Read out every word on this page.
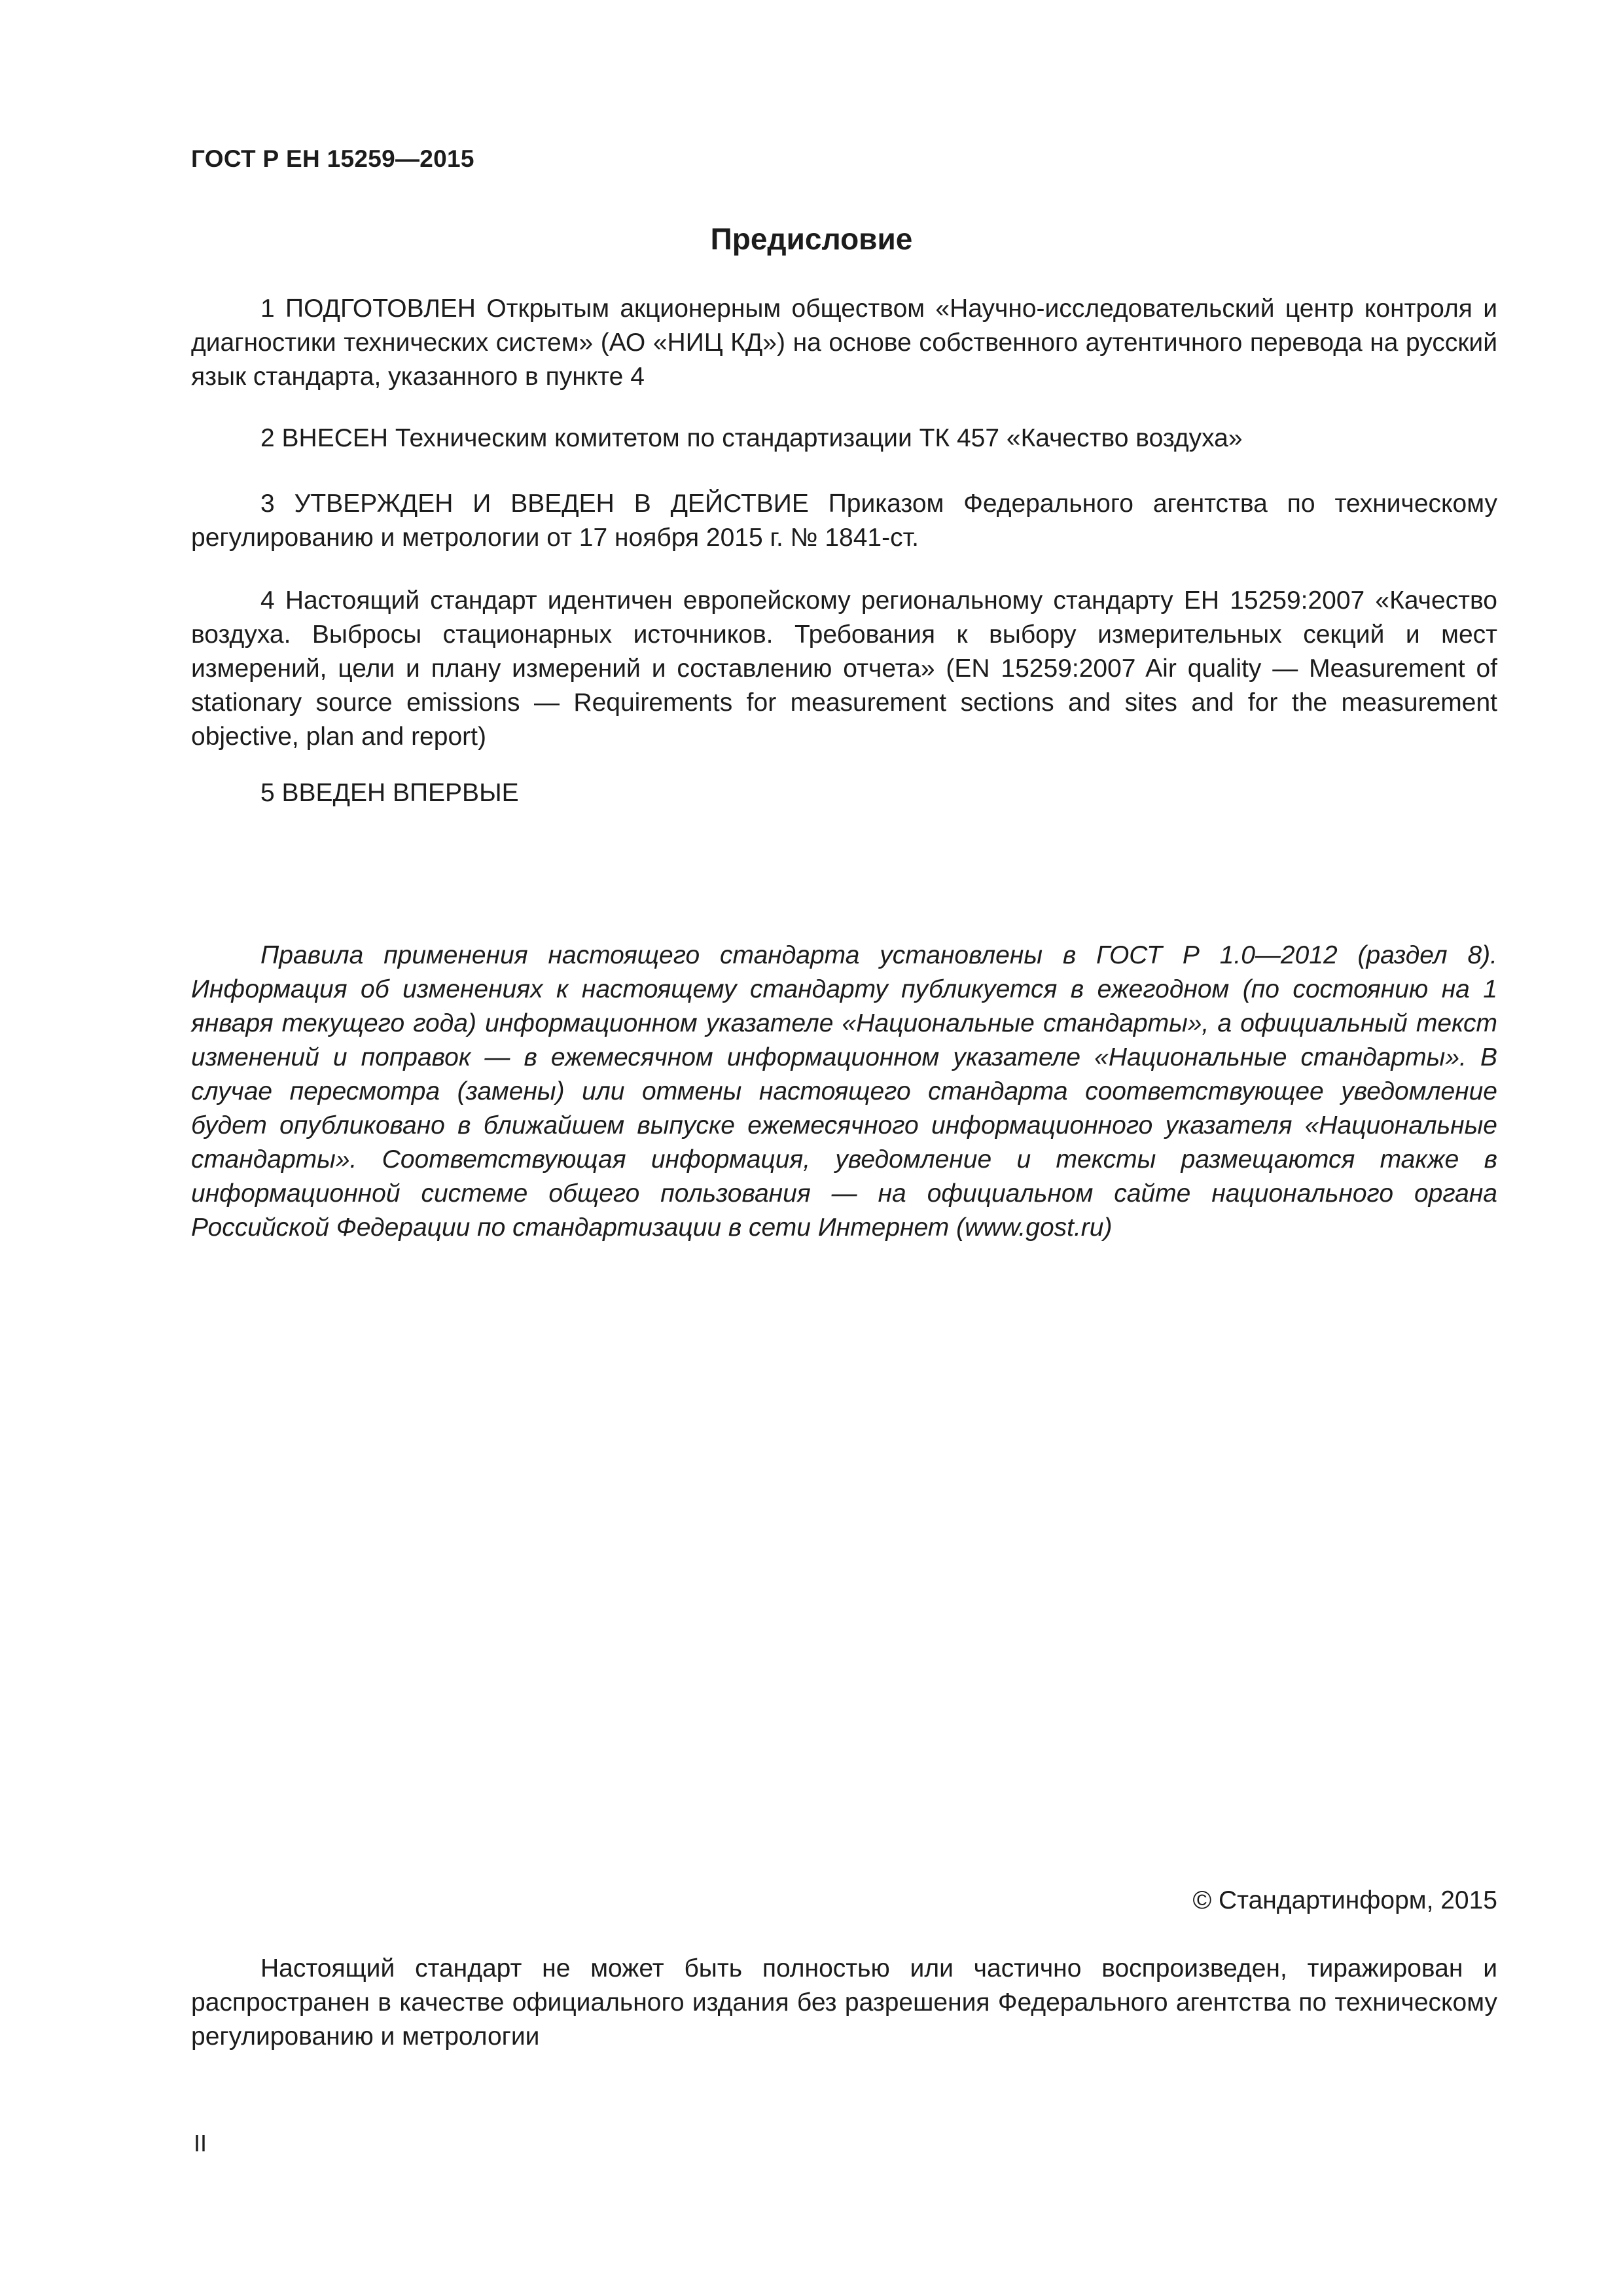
ГОСТ Р ЕН 15259—2015
Предисловие

1 ПОДГОТОВЛЕН Открытым акционерным обществом «Научно-исследовательский центр контроля и диагностики технических систем» (АО «НИЦ КД») на основе собственного аутентичного перевода на русский язык стандарта, указанного в пункте 4

2 ВНЕСЕН Техническим комитетом по стандартизации ТК 457 «Качество воздуха»

3 УТВЕРЖДЕН И ВВЕДЕН В ДЕЙСТВИЕ Приказом Федерального агентства по техническому регулированию и метрологии от 17 ноября 2015 г. № 1841-ст.

4 Настоящий стандарт идентичен европейскому региональному стандарту ЕН 15259:2007 «Качество воздуха. Выбросы стационарных источников. Требования к выбору измерительных секций и мест измерений, цели и плану измерений и составлению отчета» (EN 15259:2007 Air quality — Measurement of stationary source emissions — Requirements for measurement sections and sites and for the measurement objective, plan and report)

5 ВВЕДЕН ВПЕРВЫЕ

Правила применения настоящего стандарта установлены в ГОСТ Р 1.0—2012 (раздел 8). Информация об изменениях к настоящему стандарту публикуется в ежегодном (по состоянию на 1 января текущего года) информационном указателе «Национальные стандарты», а официальный текст изменений и поправок — в ежемесячном информационном указателе «Национальные стандарты». В случае пересмотра (замены) или отмены настоящего стандарта соответствующее уведомление будет опубликовано в ближайшем выпуске ежемесячного информационного указателя «Национальные стандарты». Соответствующая информация, уведомление и тексты размещаются также в информационной системе общего пользования — на официальном сайте национального органа Российской Федерации по стандартизации в сети Интернет (www.gost.ru)

© Стандартинформ, 2015

Настоящий стандарт не может быть полностью или частично воспроизведен, тиражирован и распространен в качестве официального издания без разрешения Федерального агентства по техническому регулированию и метрологии

II
